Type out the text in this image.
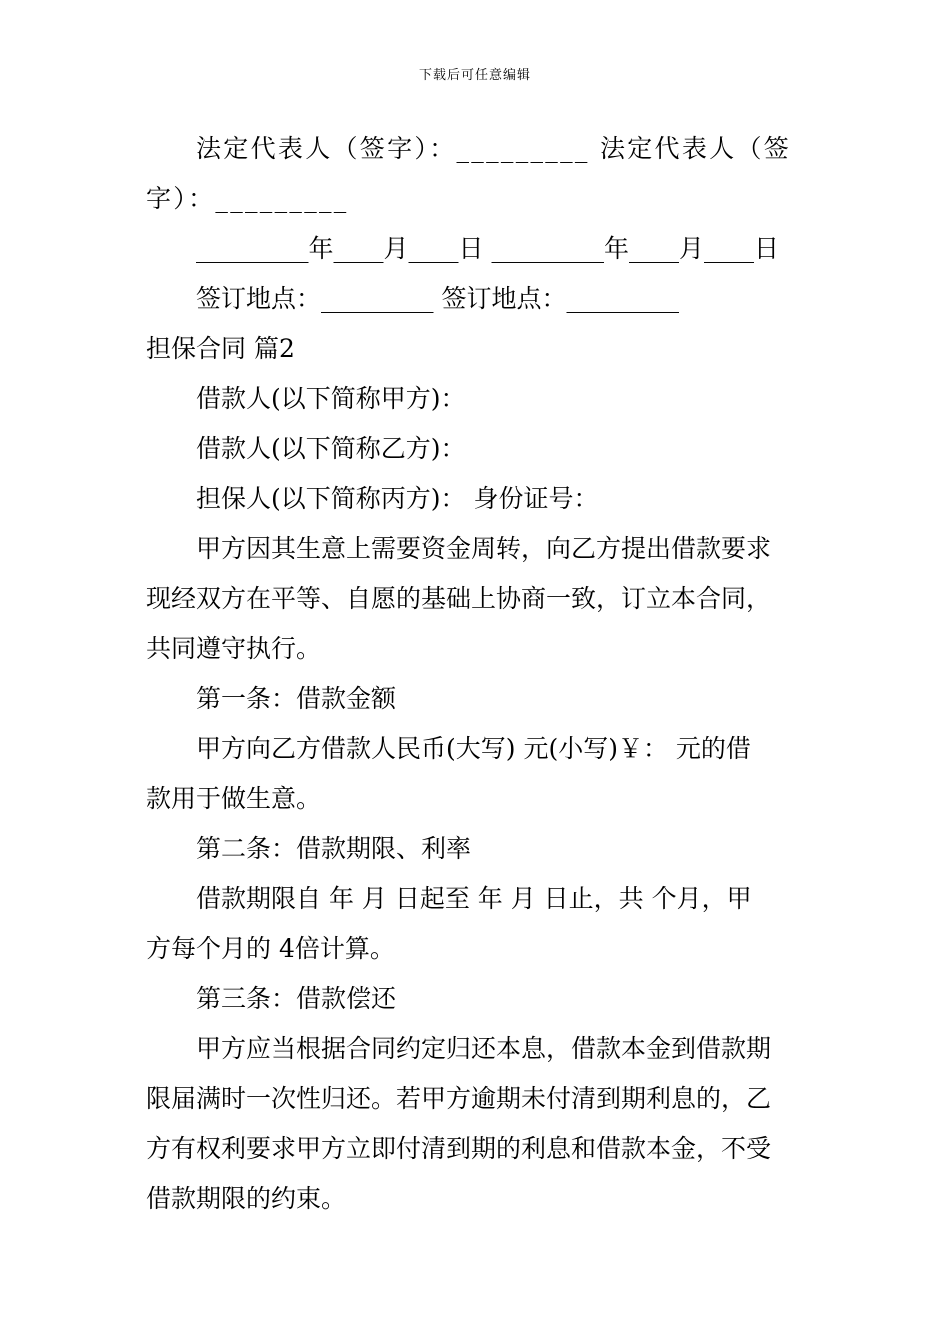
下载后可任意编辑
法定代表人（签字）：_________ 法定代表人（签
字）：_________
_________年____月____日 _________年____月____日
签订地点：_________ 签订地点：_________
担保合同 篇2
借款人(以下简称甲方)：
借款人(以下简称乙方)：
担保人(以下简称丙方)： 身份证号：
甲方因其生意上需要资金周转，向乙方提出借款要求
现经双方在平等、自愿的基础上协商一致，订立本合同，
共同遵守执行。
第一条：借款金额
甲方向乙方借款人民币(大写) 元(小写)￥： 元的借
款用于做生意。
第二条：借款期限、利率
借款期限自 年 月 日起至 年 月 日止，共 个月，甲
方每个月的 4倍计算。
第三条：借款偿还
甲方应当根据合同约定归还本息，借款本金到借款期
限届满时一次性归还。若甲方逾期未付清到期利息的，乙
方有权利要求甲方立即付清到期的利息和借款本金，不受
借款期限的约束。
